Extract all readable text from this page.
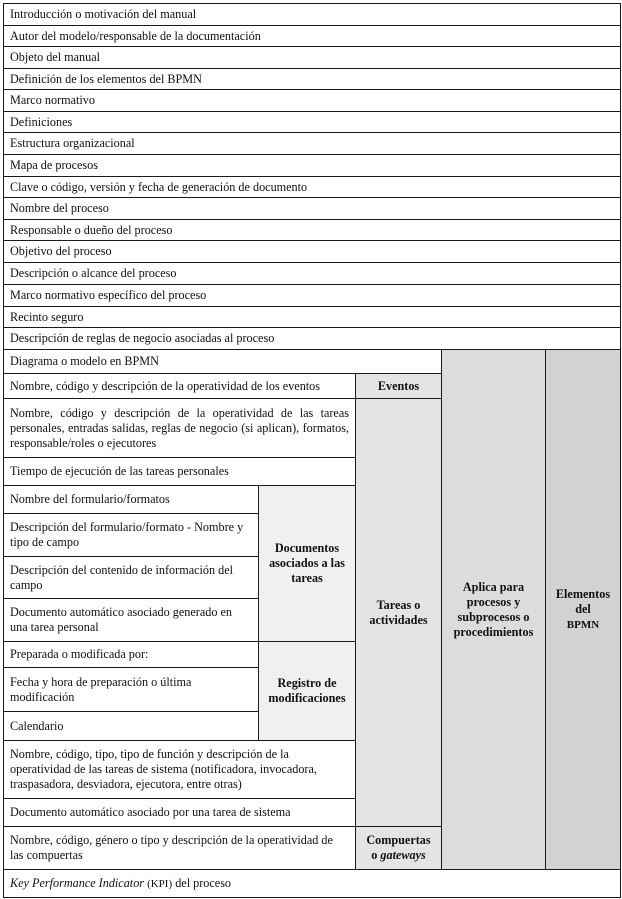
Introducción o motivación del manual
Autor del modelo/responsable de la documentación
Objeto del manual
Definición de los elementos del BPMN
Marco normativo
Definiciones
Estructura organizacional
Mapa de procesos
Clave o código, versión y fecha de generación de documento
Nombre del proceso
Responsable o dueño del proceso
Objetivo del proceso
Descripción o alcance del proceso
Marco normativo específico del proceso
Recinto seguro
Descripción de reglas de negocio asociadas al proceso
Diagrama o modelo en BPMN
Nombre, código y descripción de la operatividad de los eventos
Nombre, código y descripción de la operatividad de las tareas personales, entradas salidas, reglas de negocio (si aplican), formatos, responsable/roles o ejecutores
Tiempo de ejecución de las tareas personales
Nombre del formulario/formatos
Descripción del formulario/formato - Nombre y tipo de campo
Descripción del contenido de información del campo
Documento automático asociado generado en una tarea personal
Preparada o modificada por:
Fecha y hora de preparación o última modificación
Calendario
Nombre, código, tipo, tipo de función y descripción de la operatividad de las tareas de sistema (notificadora, invocadora, traspasadora, desviadora, ejecutora, entre otras)
Documento automático asociado por una tarea de sistema
Nombre, código, género o tipo y descripción de la operatividad de las compuertas
Key Performance Indicator (KPI) del proceso
Documentos asociados a las tareas
Registro de modificaciones
Eventos
Tareas o actividades
Compuertas
o gateways
Aplica para procesos y subprocesos o procedimientos
Elementos del
BPMN
